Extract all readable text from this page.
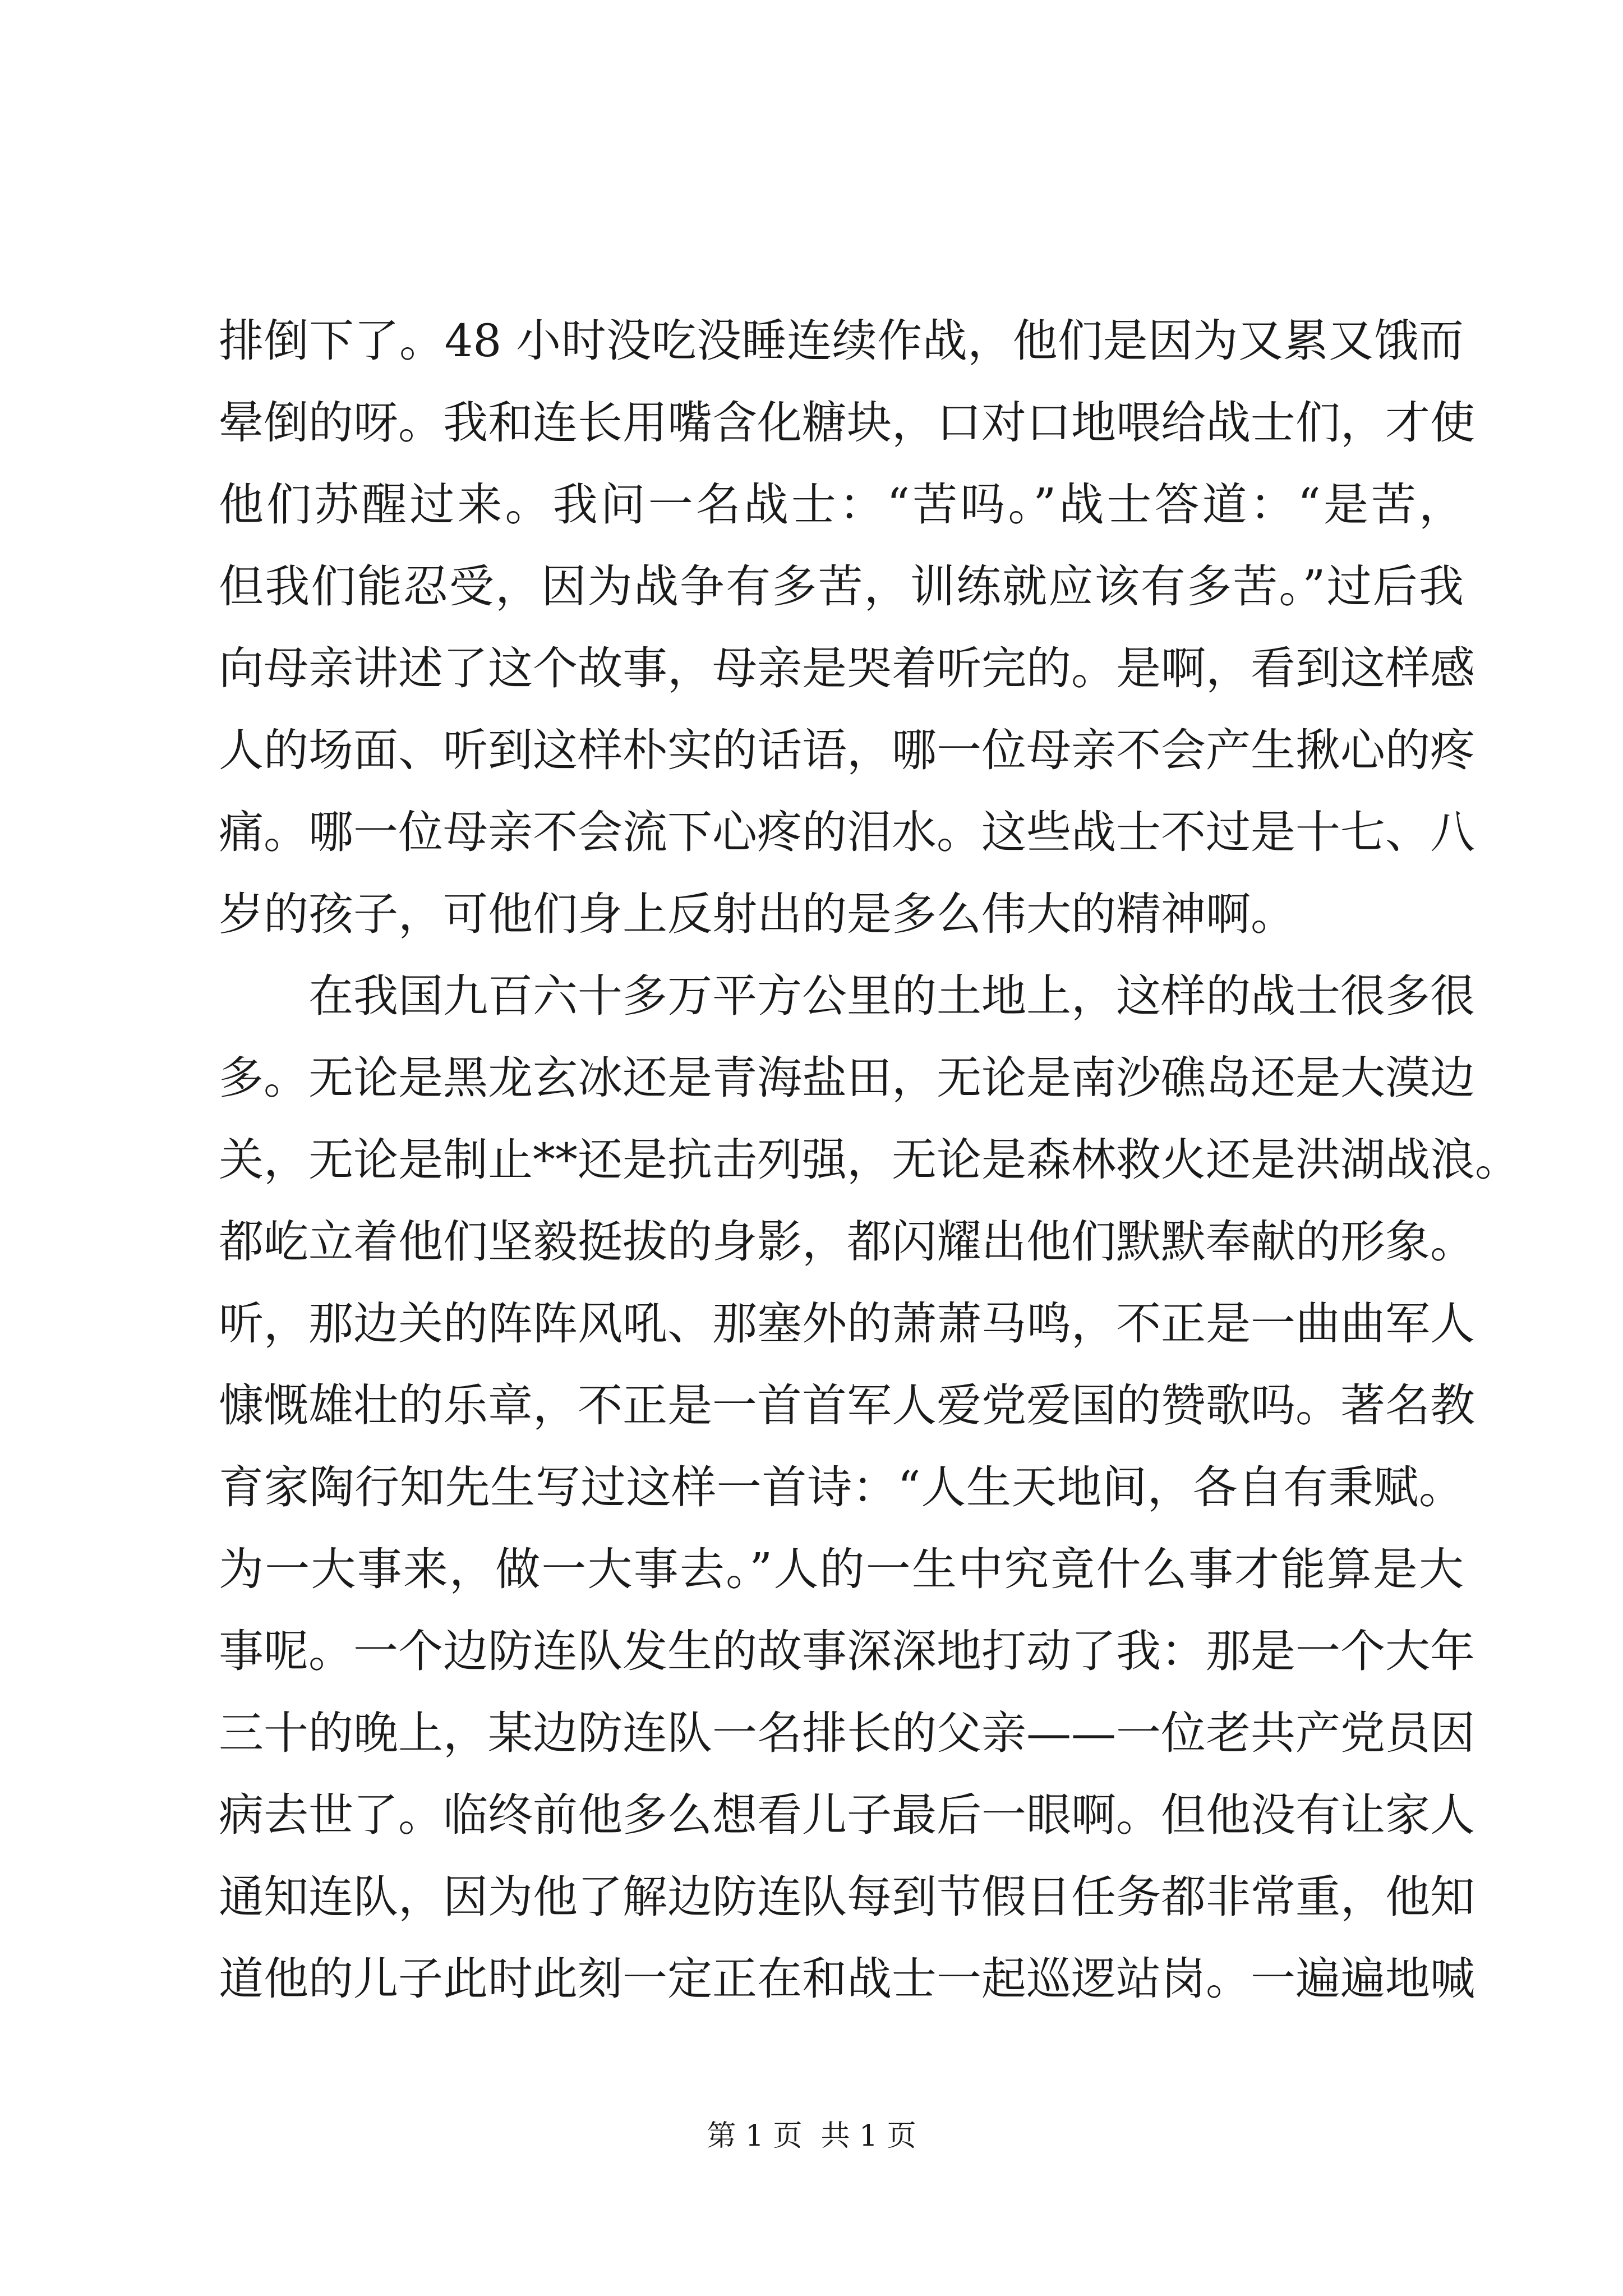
排倒下了。48 小时没吃没睡连续作战，他们是因为又累又饿而
晕倒的呀。我和连长用嘴含化糖块，口对口地喂给战士们，才使
他们苏醒过来。我问一名战士：“苦吗。”战士答道：“是苦，
但我们能忍受，因为战争有多苦，训练就应该有多苦。”过后我
向母亲讲述了这个故事，母亲是哭着听完的。是啊，看到这样感
人的场面、听到这样朴实的话语，哪一位母亲不会产生揪心的疼
痛。哪一位母亲不会流下心疼的泪水。这些战士不过是十七、八
岁的孩子，可他们身上反射出的是多么伟大的精神啊。
在我国九百六十多万平方公里的土地上，这样的战士很多很
多。无论是黑龙玄冰还是青海盐田，无论是南沙礁岛还是大漠边
关，无论是制止**还是抗击列强，无论是森林救火还是洪湖战浪。
都屹立着他们坚毅挺拔的身影，都闪耀出他们默默奉献的形象。
听，那边关的阵阵风吼、那塞外的萧萧马鸣，不正是一曲曲军人
慷慨雄壮的乐章，不正是一首首军人爱党爱国的赞歌吗。著名教
育家陶行知先生写过这样一首诗：“人生天地间，各自有秉赋。
为一大事来，做一大事去。”人的一生中究竟什么事才能算是大
事呢。一个边防连队发生的故事深深地打动了我：那是一个大年
三十的晚上，某边防连队一名排长的父亲——一位老共产党员因
病去世了。临终前他多么想看儿子最后一眼啊。但他没有让家人
通知连队，因为他了解边防连队每到节假日任务都非常重，他知
道他的儿子此时此刻一定正在和战士一起巡逻站岗。一遍遍地喊
第 1 页  共 1 页
